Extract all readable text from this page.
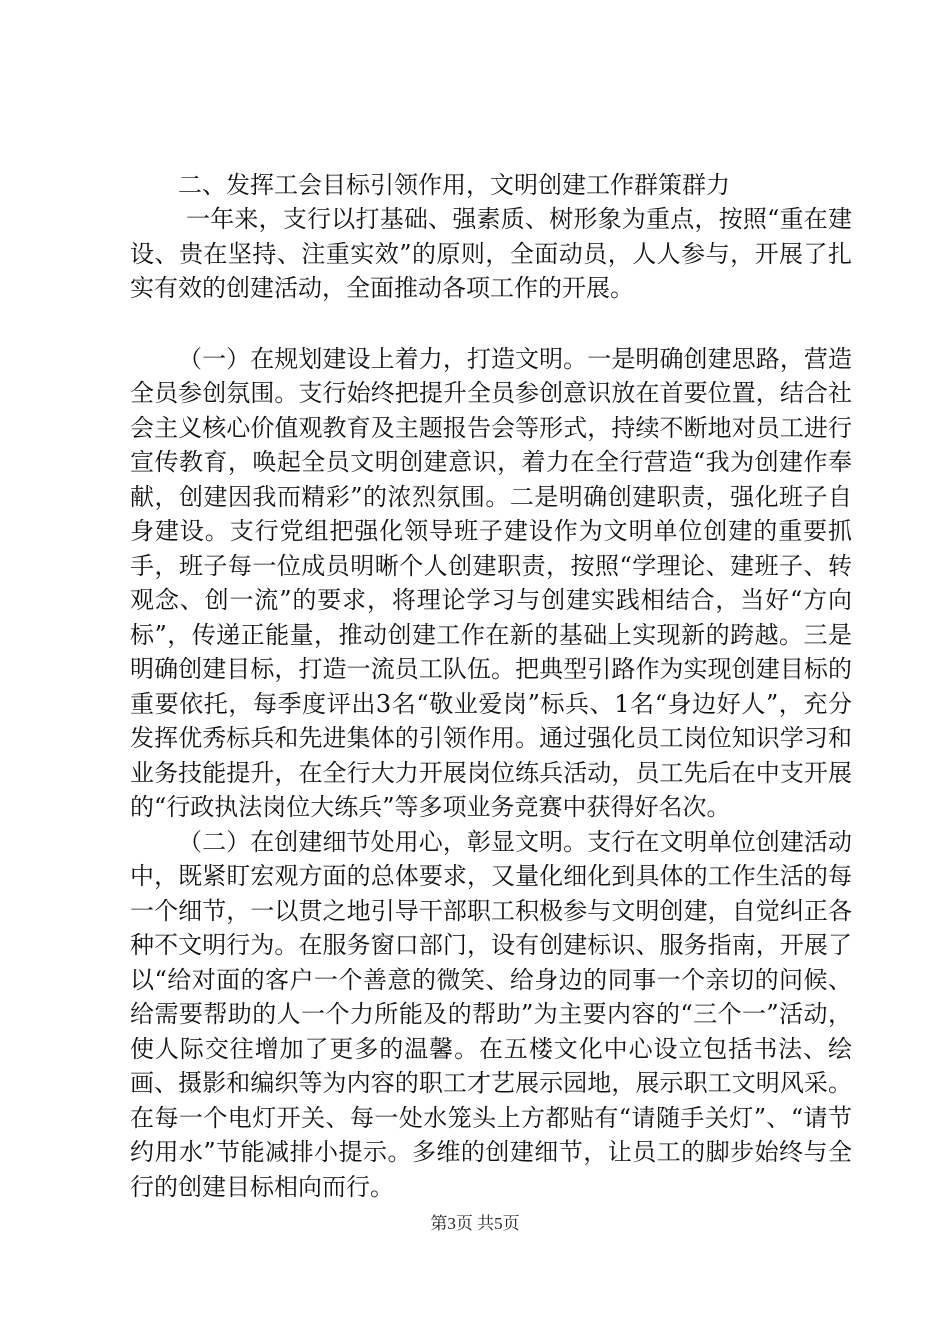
二、发挥工会目标引领作用，文明创建工作群策群力

一年来，支行以打基础、强素质、树形象为重点，按照“重在建设、贵在坚持、注重实效”的原则，全面动员，人人参与，开展了扎实有效的创建活动，全面推动各项工作的开展。

（一）在规划建设上着力，打造文明。一是明确创建思路，营造全员参创氛围。支行始终把提升全员参创意识放在首要位置，结合社会主义核心价值观教育及主题报告会等形式，持续不断地对员工进行宣传教育，唤起全员文明创建意识，着力在全行营造“我为创建作奉献，创建因我而精彩”的浓烈氛围。二是明确创建职责，强化班子自身建设。支行党组把强化领导班子建设作为文明单位创建的重要抓手，班子每一位成员明晰个人创建职责，按照“学理论、建班子、转观念、创一流”的要求，将理论学习与创建实践相结合，当好“方向标”，传递正能量，推动创建工作在新的基础上实现新的跨越。三是明确创建目标，打造一流员工队伍。把典型引路作为实现创建目标的重要依托，每季度评出3名“敬业爱岗”标兵、1名“身边好人”，充分发挥优秀标兵和先进集体的引领作用。通过强化员工岗位知识学习和业务技能提升，在全行大力开展岗位练兵活动，员工先后在中支开展的“行政执法岗位大练兵”等多项业务竞赛中获得好名次。

（二）在创建细节处用心，彰显文明。支行在文明单位创建活动中，既紧盯宏观方面的总体要求，又量化细化到具体的工作生活的每一个细节，一以贯之地引导干部职工积极参与文明创建，自觉纠正各种不文明行为。在服务窗口部门，设有创建标识、服务指南，开展了以“给对面的客户一个善意的微笑、给身边的同事一个亲切的问候、给需要帮助的人一个力所能及的帮助”为主要内容的“三个一”活动，使人际交往增加了更多的温馨。在五楼文化中心设立包括书法、绘画、摄影和编织等为内容的职工才艺展示园地，展示职工文明风采。在每一个电灯开关、每一处水笼头上方都贴有“请随手关灯”、“请节约用水”节能减排小提示。多维的创建细节，让员工的脚步始终与全行的创建目标相向而行。

第3页 共5页
